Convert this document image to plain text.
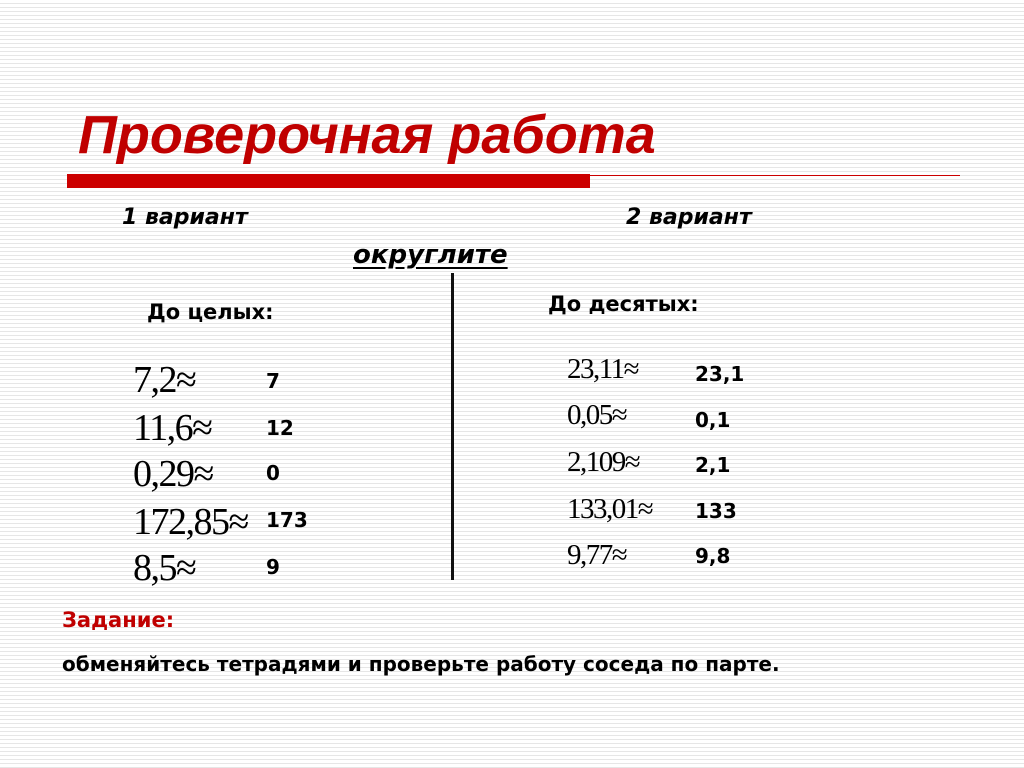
Проверочная работа
1 вариант	2 вариант
округлите
До целых:	До десятых:
7,2≈	7
11,6≈	12
0,29≈	0
172,85≈ 173
8,5≈	9
23,11≈	23,1
0,05≈	0,1
2,109≈	2,1
133,01≈ 133
9,77≈	9,8
Задание:
обменяйтесь тетрадями и проверьте работу соседа по парте.
